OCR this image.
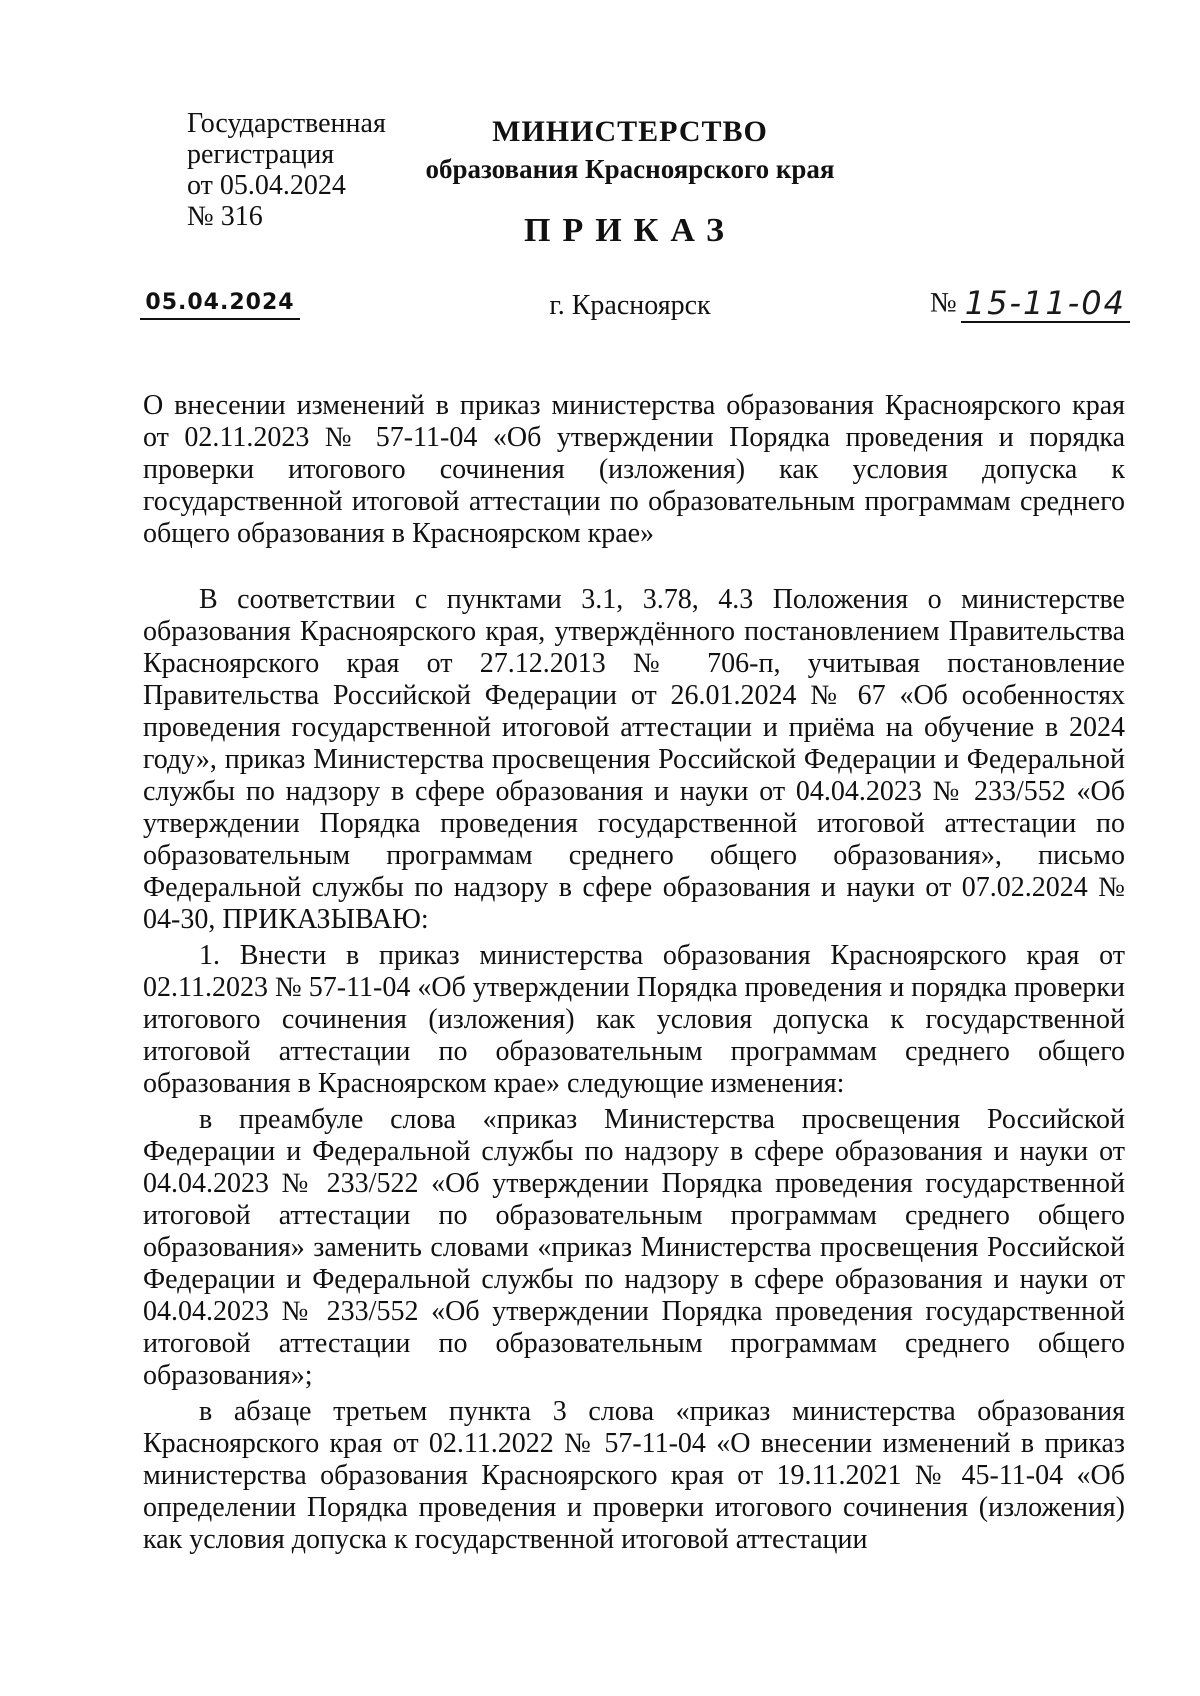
Государственная
регистрация
от 05.04.2024
№ 316
МИНИСТЕРСТВО
образования Красноярского края
ПРИКАЗ
05.04.2024	г. Красноярск	№ 15-11-04
О внесении изменений в приказ министерства образования Красноярского края от 02.11.2023 № 57-11-04 «Об утверждении Порядка проведения и порядка проверки итогового сочинения (изложения) как условия допуска к государственной итоговой аттестации по образовательным программам среднего общего образования в Красноярском крае»

В соответствии с пунктами 3.1, 3.78, 4.3 Положения о министерстве образования Красноярского края, утверждённого постановлением Правительства Красноярского края от 27.12.2013 № 706-п, учитывая постановление Правительства Российской Федерации от 26.01.2024 № 67 «Об особенностях проведения государственной итоговой аттестации и приёма на обучение в 2024 году», приказ Министерства просвещения Российской Федерации и Федеральной службы по надзору в сфере образования и науки от 04.04.2023 № 233/552 «Об утверждении Порядка проведения государственной итоговой аттестации по образовательным программам среднего общего образования», письмо Федеральной службы по надзору в сфере образования и науки от 07.02.2024 № 04-30, ПРИКАЗЫВАЮ:

1. Внести в приказ министерства образования Красноярского края от 02.11.2023 № 57-11-04 «Об утверждении Порядка проведения и порядка проверки итогового сочинения (изложения) как условия допуска к государственной итоговой аттестации по образовательным программам среднего общего образования в Красноярском крае» следующие изменения:

в преамбуле слова «приказ Министерства просвещения Российской Федерации и Федеральной службы по надзору в сфере образования и науки от 04.04.2023 № 233/522 «Об утверждении Порядка проведения государственной итоговой аттестации по образовательным программам среднего общего образования» заменить словами «приказ Министерства просвещения Российской Федерации и Федеральной службы по надзору в сфере образования и науки от 04.04.2023 № 233/552 «Об утверждении Порядка проведения государственной итоговой аттестации по образовательным программам среднего общего образования»;

в абзаце третьем пункта 3 слова «приказ министерства образования Красноярского края от 02.11.2022 № 57-11-04 «О внесении изменений в приказ министерства образования Красноярского края от 19.11.2021 № 45-11-04 «Об определении Порядка проведения и проверки итогового сочинения (изложения) как условия допуска к государственной итоговой аттестации
